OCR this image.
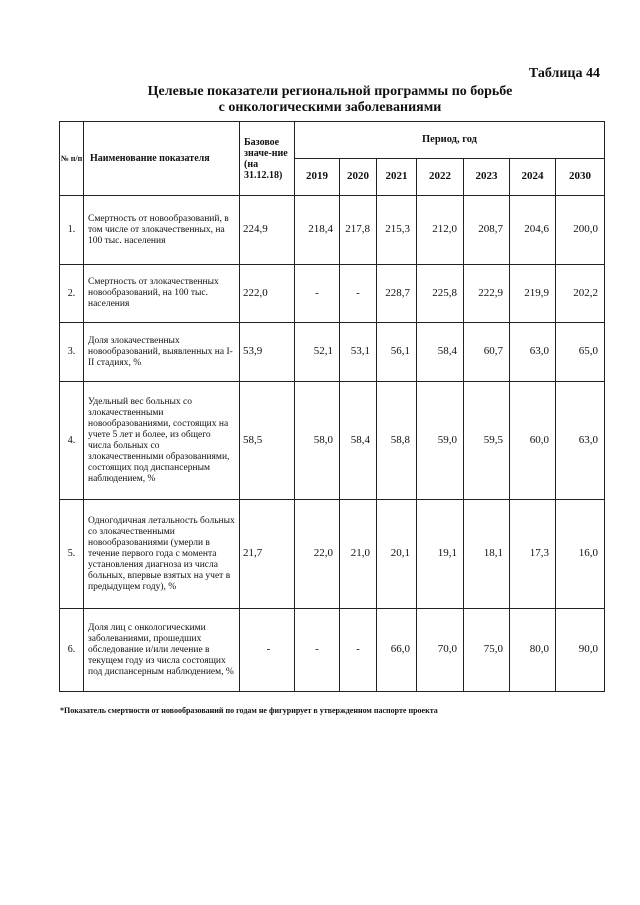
Таблица 44
Целевые показатели региональной программы по борьбе
с онкологическими заболеваниями
№ п/п	Наименование показателя	Базовое значе-ние (на 31.12.18)	Период, год						
			2019	2020	2021	2022	2023	2024	2030
1.	Смертность от новообразований, в том числе от злокачественных, на 100 тыс. населения	224,9	218,4	217,8	215,3	212,0	208,7	204,6	200,0
2.	Смертность от злокачественных новообразований, на 100 тыс. населения	222,0	-	-	228,7	225,8	222,9	219,9	202,2
3.	Доля злокачественных новообразований, выявленных на I-II стадиях, %	53,9	52,1	53,1	56,1	58,4	60,7	63,0	65,0
4.	Удельный вес больных со злокачественными новообразованиями, состоящих на учете 5 лет и более, из общего числа больных со злокачественными образованиями, состоящих под диспансерным наблюдением, %	58,5	58,0	58,4	58,8	59,0	59,5	60,0	63,0
5.	Одногодичная летальность больных со злокачественными новообразованиями (умерли в течение первого года с момента установления диагноза из числа больных, впервые взятых на учет в предыдущем году), %	21,7	22,0	21,0	20,1	19,1	18,1	17,3	16,0
6.	Доля лиц с онкологическими заболеваниями, прошедших обследование и/или лечение в текущем году из числа состоящих под диспансерным наблюдением, %	-	-	-	66,0	70,0	75,0	80,0	90,0
*Показатель смертности от новообразований по годам не фигурирует в утвержденном паспорте проекта
